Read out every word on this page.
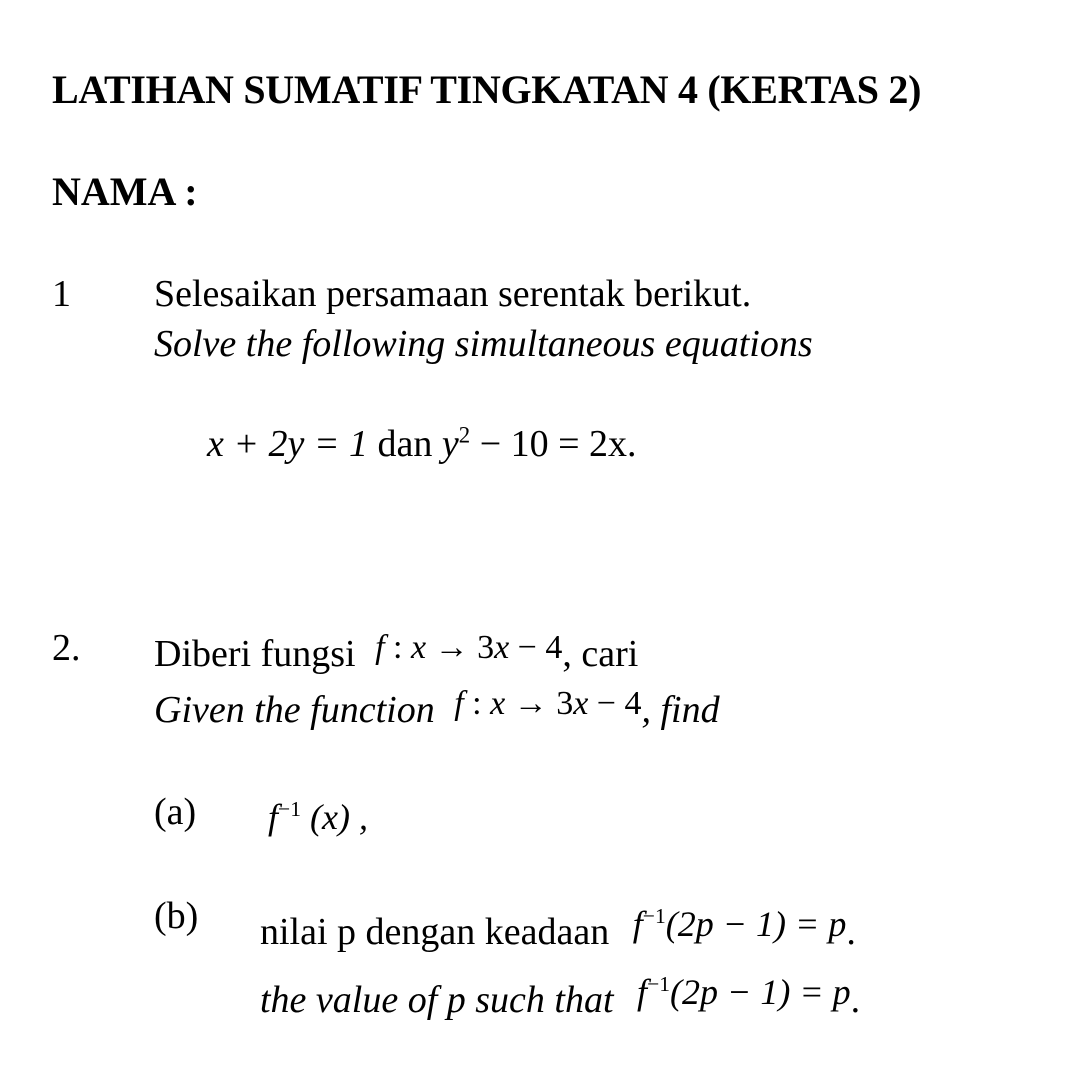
LATIHAN SUMATIF TINGKATAN 4 (KERTAS 2)
NAMA :
1 Selesaikan persamaan serentak berikut.
Solve the following simultaneous equations
x + 2y = 1 dan $y^2 - 10 = 2x$.
2. Diberi fungsi f : x → 3x − 4, cari
Given the function f : x → 3x − 4, find
(a) $f^{-1}$ (x) ,
(b) nilai p dengan keadaan $f^{-1}(2p - 1) = p$.
the value of p such that $f^{-1}(2p - 1) = p$.
